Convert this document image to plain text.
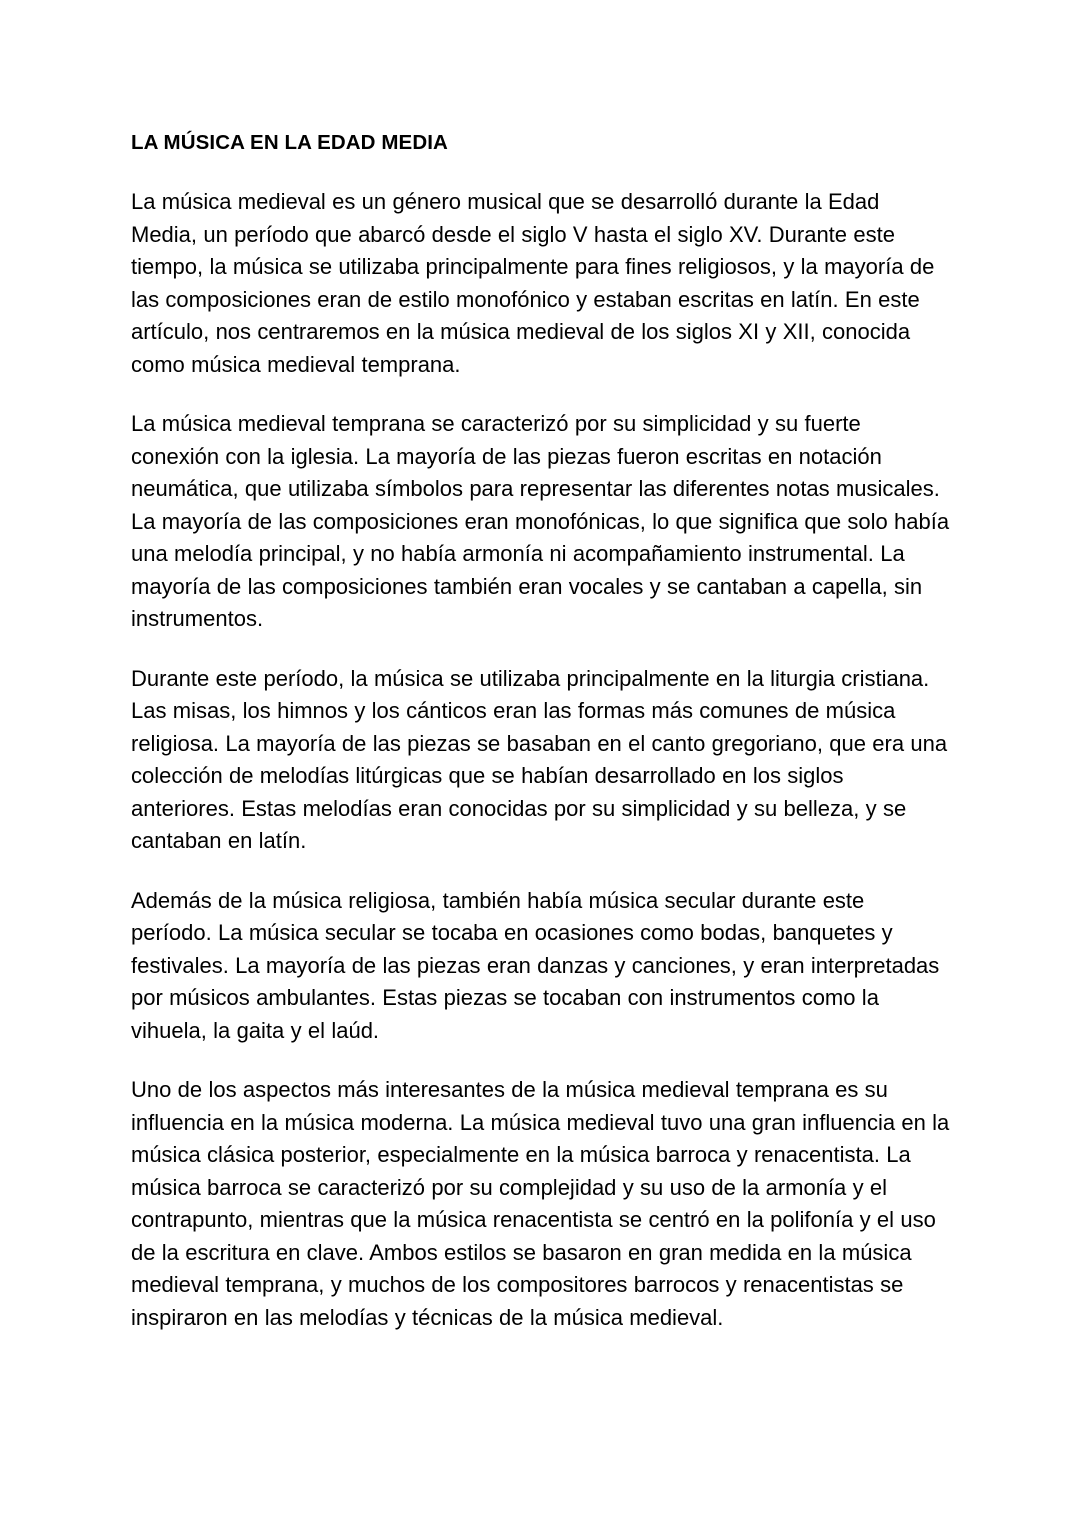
LA MÚSICA EN LA EDAD MEDIA

La música medieval es un género musical que se desarrolló durante la Edad Media, un período que abarcó desde el siglo V hasta el siglo XV. Durante este tiempo, la música se utilizaba principalmente para fines religiosos, y la mayoría de las composiciones eran de estilo monofónico y estaban escritas en latín. En este artículo, nos centraremos en la música medieval de los siglos XI y XII, conocida como música medieval temprana.

La música medieval temprana se caracterizó por su simplicidad y su fuerte conexión con la iglesia. La mayoría de las piezas fueron escritas en notación neumática, que utilizaba símbolos para representar las diferentes notas musicales. La mayoría de las composiciones eran monofónicas, lo que significa que solo había una melodía principal, y no había armonía ni acompañamiento instrumental. La mayoría de las composiciones también eran vocales y se cantaban a capella, sin instrumentos.

Durante este período, la música se utilizaba principalmente en la liturgia cristiana. Las misas, los himnos y los cánticos eran las formas más comunes de música religiosa. La mayoría de las piezas se basaban en el canto gregoriano, que era una colección de melodías litúrgicas que se habían desarrollado en los siglos anteriores. Estas melodías eran conocidas por su simplicidad y su belleza, y se cantaban en latín.

Además de la música religiosa, también había música secular durante este período. La música secular se tocaba en ocasiones como bodas, banquetes y festivales. La mayoría de las piezas eran danzas y canciones, y eran interpretadas por músicos ambulantes. Estas piezas se tocaban con instrumentos como la vihuela, la gaita y el laúd.

Uno de los aspectos más interesantes de la música medieval temprana es su influencia en la música moderna. La música medieval tuvo una gran influencia en la música clásica posterior, especialmente en la música barroca y renacentista. La música barroca se caracterizó por su complejidad y su uso de la armonía y el contrapunto, mientras que la música renacentista se centró en la polifonía y el uso de la escritura en clave. Ambos estilos se basaron en gran medida en la música medieval temprana, y muchos de los compositores barrocos y renacentistas se inspiraron en las melodías y técnicas de la música medieval.
